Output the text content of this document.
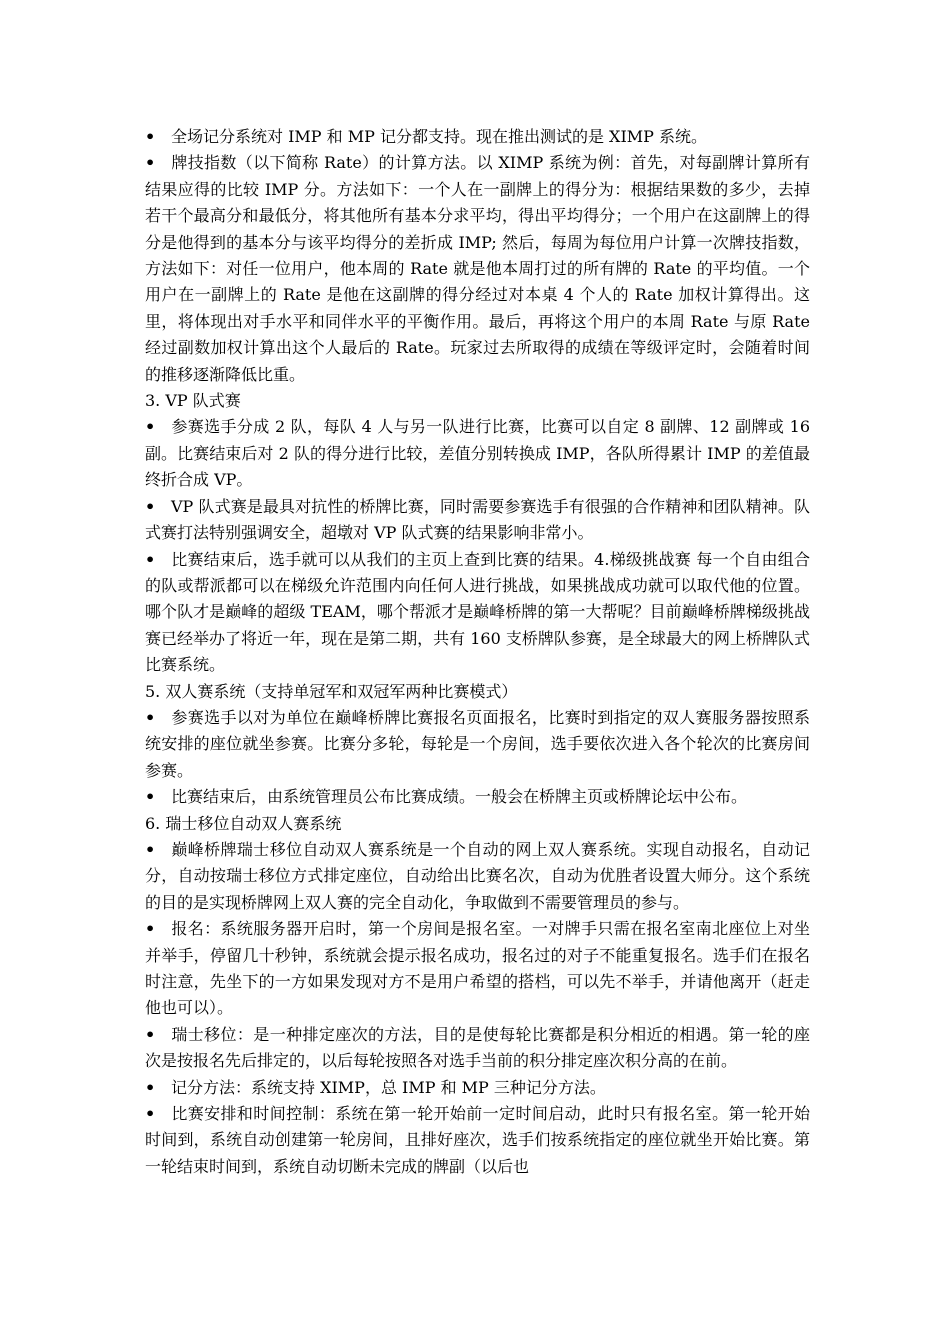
• 全场记分系统对 IMP 和 MP 记分都支持。现在推出测试的是 XIMP 系统。

• 牌技指数（以下简称 Rate）的计算方法。以 XIMP 系统为例：首先，对每副牌计算所有结果应得的比较 IMP 分。方法如下：一个人在一副牌上的得分为：根据结果数的多少，去掉若干个最高分和最低分，将其他所有基本分求平均，得出平均得分；一个用户在这副牌上的得分是他得到的基本分与该平均得分的差折成 IMP; 然后，每周为每位用户计算一次牌技指数，方法如下：对任一位用户，他本周的 Rate 就是他本周打过的所有牌的 Rate 的平均值。一个用户在一副牌上的 Rate 是他在这副牌的得分经过对本桌 4 个人的 Rate 加权计算得出。这里，将体现出对手水平和同伴水平的平衡作用。最后，再将这个用户的本周 Rate 与原 Rate 经过副数加权计算出这个人最后的 Rate。玩家过去所取得的成绩在等级评定时，会随着时间的推移逐渐降低比重。

3. VP 队式赛

• 参赛选手分成 2 队，每队 4 人与另一队进行比赛，比赛可以自定 8 副牌、12 副牌或 16 副。比赛结束后对 2 队的得分进行比较，差值分别转换成 IMP，各队所得累计 IMP 的差值最终折合成 VP。

• VP 队式赛是最具对抗性的桥牌比赛，同时需要参赛选手有很强的合作精神和团队精神。队式赛打法特别强调安全，超墩对 VP 队式赛的结果影响非常小。

• 比赛结束后，选手就可以从我们的主页上查到比赛的结果。4.梯级挑战赛 每一个自由组合的队或帮派都可以在梯级允许范围内向任何人进行挑战，如果挑战成功就可以取代他的位置。哪个队才是巅峰的超级 TEAM，哪个帮派才是巅峰桥牌的第一大帮呢？目前巅峰桥牌梯级挑战赛已经举办了将近一年，现在是第二期，共有 160 支桥牌队参赛，是全球最大的网上桥牌队式比赛系统。

5. 双人赛系统（支持单冠军和双冠军两种比赛模式）

• 参赛选手以对为单位在巅峰桥牌比赛报名页面报名，比赛时到指定的双人赛服务器按照系统安排的座位就坐参赛。比赛分多轮，每轮是一个房间，选手要依次进入各个轮次的比赛房间参赛。

• 比赛结束后，由系统管理员公布比赛成绩。一般会在桥牌主页或桥牌论坛中公布。

6. 瑞士移位自动双人赛系统

• 巅峰桥牌瑞士移位自动双人赛系统是一个自动的网上双人赛系统。实现自动报名，自动记分，自动按瑞士移位方式排定座位，自动给出比赛名次，自动为优胜者设置大师分。这个系统的目的是实现桥牌网上双人赛的完全自动化，争取做到不需要管理员的参与。

• 报名：系统服务器开启时，第一个房间是报名室。一对牌手只需在报名室南北座位上对坐并举手，停留几十秒钟，系统就会提示报名成功，报名过的对子不能重复报名。选手们在报名时注意，先坐下的一方如果发现对方不是用户希望的搭档，可以先不举手，并请他离开（赶走他也可以）。

• 瑞士移位：是一种排定座次的方法，目的是使每轮比赛都是积分相近的相遇。第一轮的座次是按报名先后排定的，以后每轮按照各对选手当前的积分排定座次积分高的在前。

• 记分方法：系统支持 XIMP，总 IMP 和 MP 三种记分方法。

• 比赛安排和时间控制：系统在第一轮开始前一定时间启动，此时只有报名室。第一轮开始时间到，系统自动创建第一轮房间，且排好座次，选手们按系统指定的座位就坐开始比赛。第一轮结束时间到，系统自动切断未完成的牌副（以后也
